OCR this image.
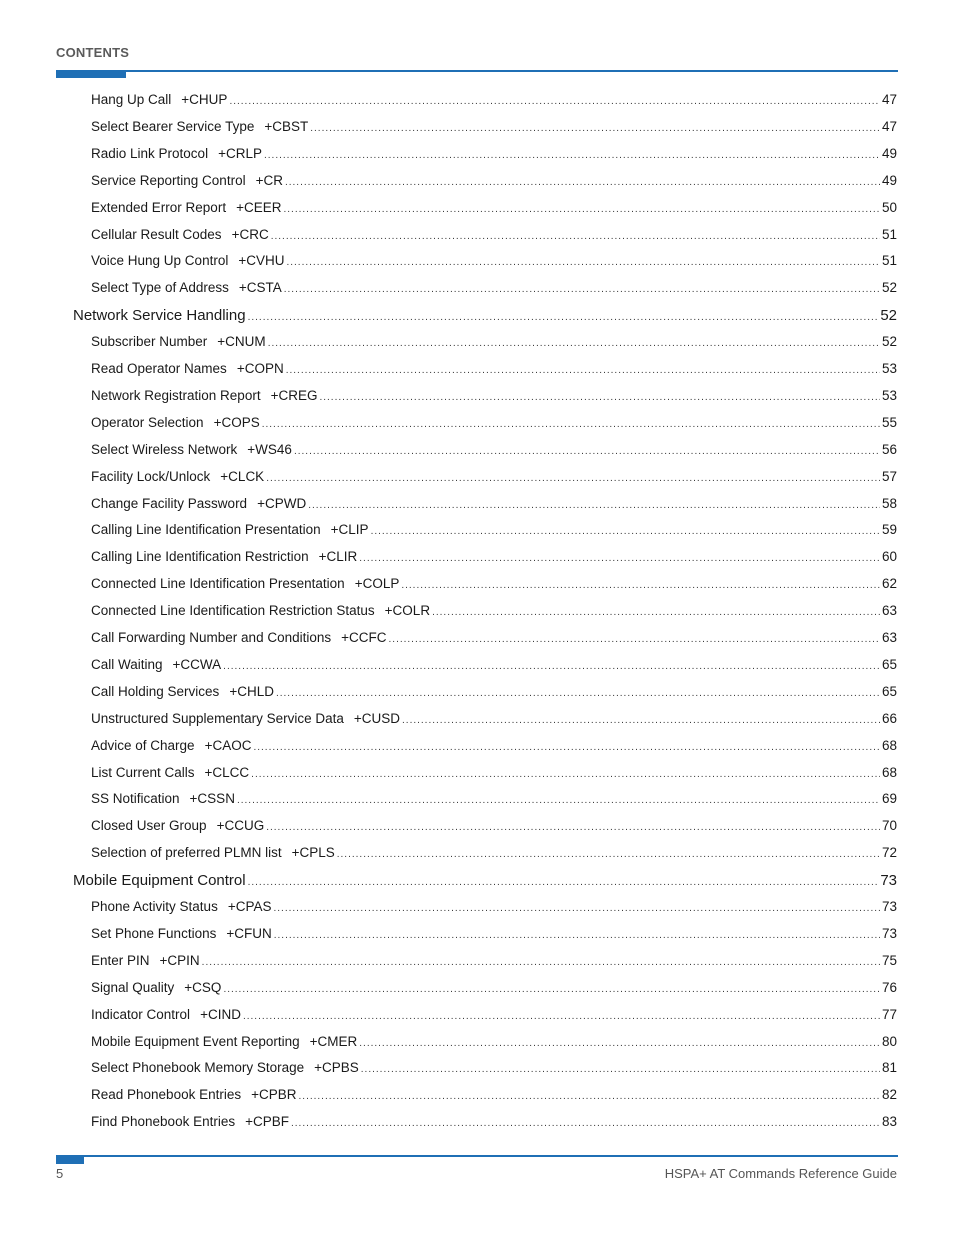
CONTENTS
Hang Up Call +CHUP .....	47
Select Bearer Service Type +CBST .....	47
Radio Link Protocol +CRLP .....	49
Service Reporting Control +CR .....	49
Extended Error Report +CEER .....	50
Cellular Result Codes +CRC .....	51
Voice Hung Up Control +CVHU .....	51
Select Type of Address +CSTA .....	52
Network Service Handling .....	52
Subscriber Number +CNUM .....	52
Read Operator Names +COPN .....	53
Network Registration Report +CREG .....	53
Operator Selection +COPS .....	55
Select Wireless Network +WS46 .....	56
Facility Lock/Unlock +CLCK .....	57
Change Facility Password +CPWD .....	58
Calling Line Identification Presentation +CLIP .....	59
Calling Line Identification Restriction +CLIR .....	60
Connected Line Identification Presentation +COLP .....	62
Connected Line Identification Restriction Status +COLR .....	63
Call Forwarding Number and Conditions +CCFC .....	63
Call Waiting +CCWA .....	65
Call Holding Services +CHLD .....	65
Unstructured Supplementary Service Data +CUSD .....	66
Advice of Charge +CAOC .....	68
List Current Calls +CLCC .....	68
SS Notification +CSSN .....	69
Closed User Group +CCUG .....	70
Selection of preferred PLMN list +CPLS .....	72
Mobile Equipment Control .....	73
Phone Activity Status +CPAS .....	73
Set Phone Functions +CFUN .....	73
Enter PIN +CPIN .....	75
Signal Quality +CSQ .....	76
Indicator Control +CIND .....	77
Mobile Equipment Event Reporting +CMER .....	80
Select Phonebook Memory Storage +CPBS .....	81
Read Phonebook Entries +CPBR .....	82
Find Phonebook Entries +CPBF .....	83
5	HSPA+ AT Commands Reference Guide
